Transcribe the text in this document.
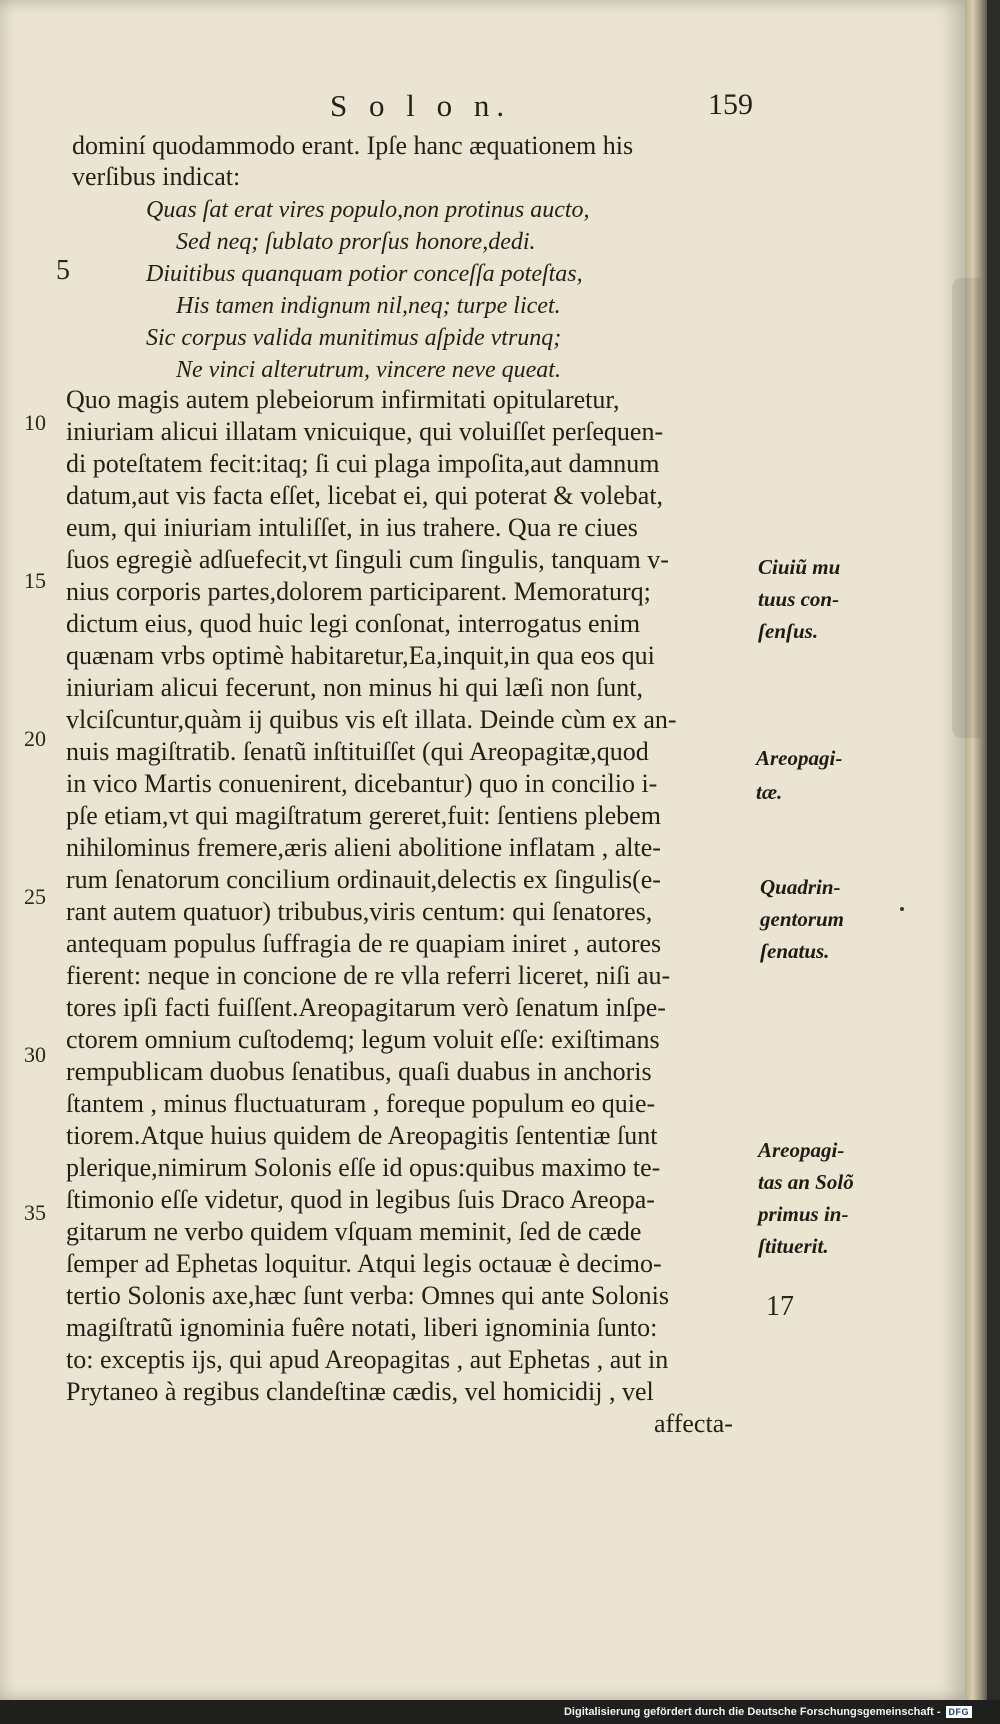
S o l o n.	159
dominí quodammodo erant. Ipſe hanc æquationem his
verſibus indicat:
Quas ſat erat vires populo,non protinus aucto,
Sed neq; ſublato prorſus honore,dedi.
Diuitibus quanquam potior conceſſa poteſtas,
His tamen indignum nil,neq; turpe licet.
Sic corpus valida munitimus aſpide vtrunq;
Ne vinci alterutrum, vincere neve queat.
Quo magis autem plebeiorum infirmitati opitularetur,
iniuriam alicui illatam vnicuique, qui voluiſſet perſequen-
di poteſtatem fecit:itaq; ſi cui plaga impoſita,aut damnum
datum,aut vis facta eſſet, licebat ei, qui poterat & volebat,
eum, qui iniuriam intuliſſet, in ius trahere. Qua re ciues
ſuos egregiè adſuefecit,vt ſinguli cum ſingulis, tanquam v-
nius corporis partes,dolorem participarent. Memoraturq;
dictum eius, quod huic legi conſonat, interrogatus enim
quænam vrbs optimè habitaretur,Ea,inquit,in qua eos qui
iniuriam alicui fecerunt, non minus hi qui læſi non ſunt,
vlciſcuntur,quàm ij quibus vis eſt illata. Deinde cùm ex an-
nuis magiſtratib. ſenatũ inſtituiſſet (qui Areopagitæ,quod
in vico Martis conuenirent, dicebantur) quo in concilio i-
pſe etiam,vt qui magiſtratum gereret,fuit: ſentiens plebem
nihilominus fremere,æris alieni abolitione inflatam , alte-
rum ſenatorum concilium ordinauit,delectis ex ſingulis(e-
rant autem quatuor) tribubus,viris centum: qui ſenatores,
antequam populus ſuffragia de re quapiam iniret , autores
fierent: neque in concione de re vlla referri liceret, niſi au-
tores ipſi facti fuiſſent.Areopagitarum verò ſenatum inſpe-
ctorem omnium cuſtodemq; legum voluit eſſe: exiſtimans
rempublicam duobus ſenatibus, quaſi duabus in anchoris
ſtantem , minus fluctuaturam , foreque populum eo quie-
tiorem.Atque huius quidem de Areopagitis ſententiæ ſunt
plerique,nimirum Solonis eſſe id opus:quibus maximo te-
ſtimonio eſſe videtur, quod in legibus ſuis Draco Areopa-
gitarum ne verbo quidem vſquam meminit, ſed de cæde
ſemper ad Ephetas loquitur. Atqui legis octauæ è decimo-
tertio Solonis axe,hæc ſunt verba: Omnes qui ante Solonis
magiſtratũ ignominia fuêre notati, liberi ignominia ſunto:
to: exceptis ijs, qui apud Areopagitas , aut Ephetas , aut in
Prytaneo à regibus clandeſtinæ cædis, vel homicidij , vel
affecta-
5
10
15
20
25
30
35
Ciuiũ mu
tuus con-
ſenſus.
Areopagi-
tæ.
Quadrin-
gentorum
ſenatus.
Areopagi-
tas an Solõ
primus in-
ſtituerit.
17
Digitalisierung gefördert durch die Deutsche Forschungsgemeinschaft - DFG
